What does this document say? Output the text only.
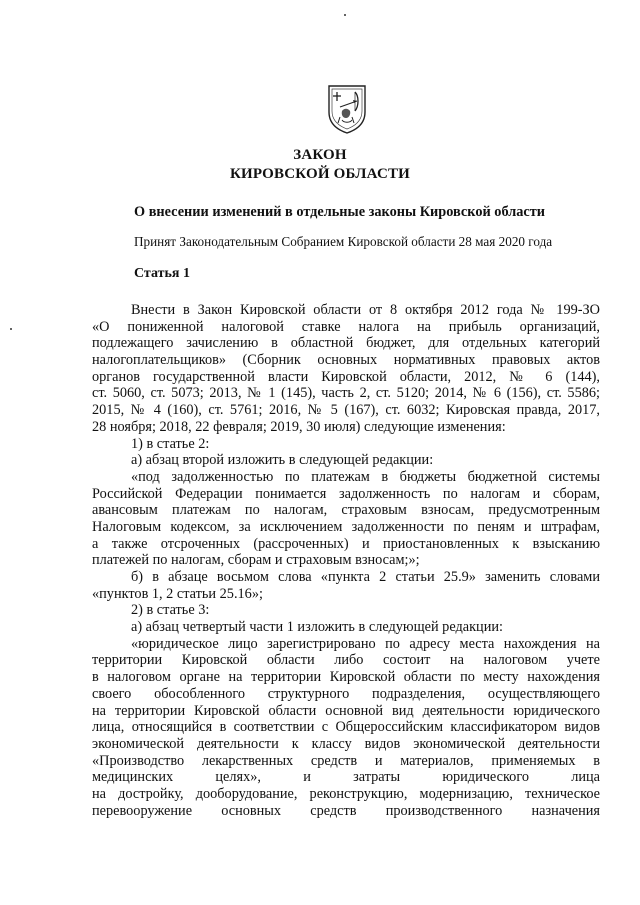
ЗАКОН
КИРОВСКОЙ ОБЛАСТИ
О внесении изменений в отдельные законы Кировской области
Принят Законодательным Собранием Кировской области 28 мая 2020 года
Статья 1
Внести в Закон Кировской области от 8 октября 2012 года № 199-ЗО
«О пониженной налоговой ставке налога на прибыль организаций,
подлежащего зачислению в областной бюджет, для отдельных категорий
налогоплательщиков» (Сборник основных нормативных правовых актов
органов государственной власти Кировской области, 2012, № 6 (144),
ст. 5060, ст. 5073; 2013, № 1 (145), часть 2, ст. 5120; 2014, № 6 (156), ст. 5586;
2015, № 4 (160), ст. 5761; 2016, № 5 (167), ст. 6032; Кировская правда, 2017,
28 ноября; 2018, 22 февраля; 2019, 30 июля) следующие изменения:
1) в статье 2:
а) абзац второй изложить в следующей редакции:
«под задолженностью по платежам в бюджеты бюджетной системы
Российской Федерации понимается задолженность по налогам и сборам,
авансовым платежам по налогам, страховым взносам, предусмотренным
Налоговым кодексом, за исключением задолженности по пеням и штрафам,
а также отсроченных (рассроченных) и приостановленных к взысканию
платежей по налогам, сборам и страховым взносам;»;
б) в абзаце восьмом слова «пункта 2 статьи 25.9» заменить словами
«пунктов 1, 2 статьи 25.16»;
2) в статье 3:
а) абзац четвертый части 1 изложить в следующей редакции:
«юридическое лицо зарегистрировано по адресу места нахождения на
территории Кировской области либо состоит на налоговом учете
в налоговом органе на территории Кировской области по месту нахождения
своего обособленного структурного подразделения, осуществляющего
на территории Кировской области основной вид деятельности юридического
лица, относящийся в соответствии с Общероссийским классификатором видов
экономической деятельности к классу видов экономической деятельности
«Производство лекарственных средств и материалов, применяемых в
медицинских целях», и затраты юридического лица
на достройку, дооборудование, реконструкцию, модернизацию, техническое
перевооружение основных средств производственного назначения
